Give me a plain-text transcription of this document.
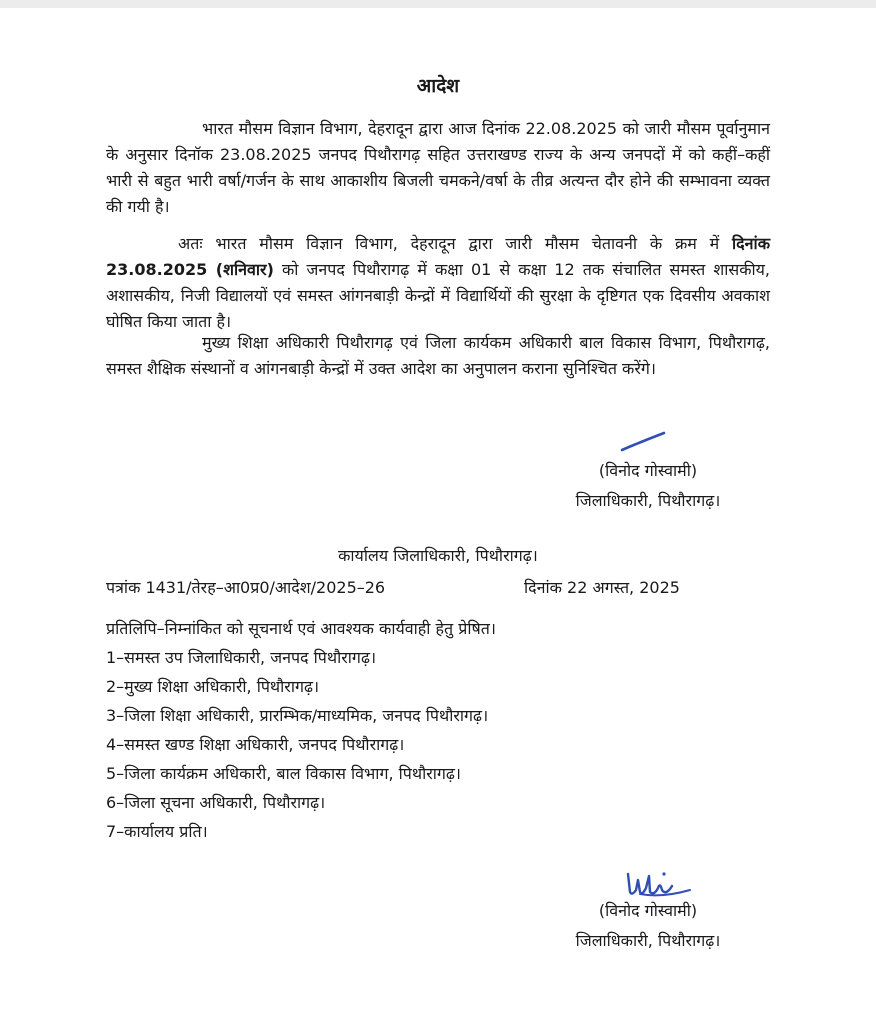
आदेश

भारत मौसम विज्ञान विभाग, देहरादून द्वारा आज दिनांक 22.08.2025 को जारी मौसम पूर्वानुमान के अनुसार दिनॉक 23.08.2025 जनपद पिथौरागढ़ सहित उत्तराखण्ड राज्य के अन्य जनपदों में को कहीं–कहीं भारी से बहुत भारी वर्षा/गर्जन के साथ आकाशीय बिजली चमकने/वर्षा के तीव्र अत्यन्त दौर होने की सम्भावना व्यक्त की गयी है।

अतः भारत मौसम विज्ञान विभाग, देहरादून द्वारा जारी मौसम चेतावनी के क्रम में दिनांक 23.08.2025 (शनिवार) को जनपद पिथौरागढ़ में कक्षा 01 से कक्षा 12 तक संचालित समस्त शासकीय, अशासकीय, निजी विद्यालयों एवं समस्त आंगनबाड़ी केन्द्रों में विद्यार्थियों की सुरक्षा के दृष्टिगत एक दिवसीय अवकाश घोषित किया जाता है।

मुख्य शिक्षा अधिकारी पिथौरागढ़ एवं जिला कार्यकम अधिकारी बाल विकास विभाग, पिथौरागढ़, समस्त शैक्षिक संस्थानों व आंगनबाड़ी केन्द्रों में उक्त आदेश का अनुपालन कराना सुनिश्चित करेंगे।

(विनोद गोस्वामी)
जिलाधिकारी, पिथौरागढ़।

कार्यालय जिलाधिकारी, पिथौरागढ़।

पत्रांक 1431/तेरह–आ0प्र0/आदेश/2025–26	दिनांक 22 अगस्त, 2025
प्रतिलिपि–निम्नांकित को सूचनार्थ एवं आवश्यक कार्यवाही हेतु प्रेषित।
1–समस्त उप जिलाधिकारी, जनपद पिथौरागढ़।
2–मुख्य शिक्षा अधिकारी, पिथौरागढ़।
3–जिला शिक्षा अधिकारी, प्रारम्भिक/माध्यमिक, जनपद पिथौरागढ़।
4–समस्त खण्ड शिक्षा अधिकारी, जनपद पिथौरागढ़।
5–जिला कार्यक्रम अधिकारी, बाल विकास विभाग, पिथौरागढ़।
6–जिला सूचना अधिकारी, पिथौरागढ़।
7–कार्यालय प्रति।
(विनोद गोस्वामी)
जिलाधिकारी, पिथौरागढ़।
